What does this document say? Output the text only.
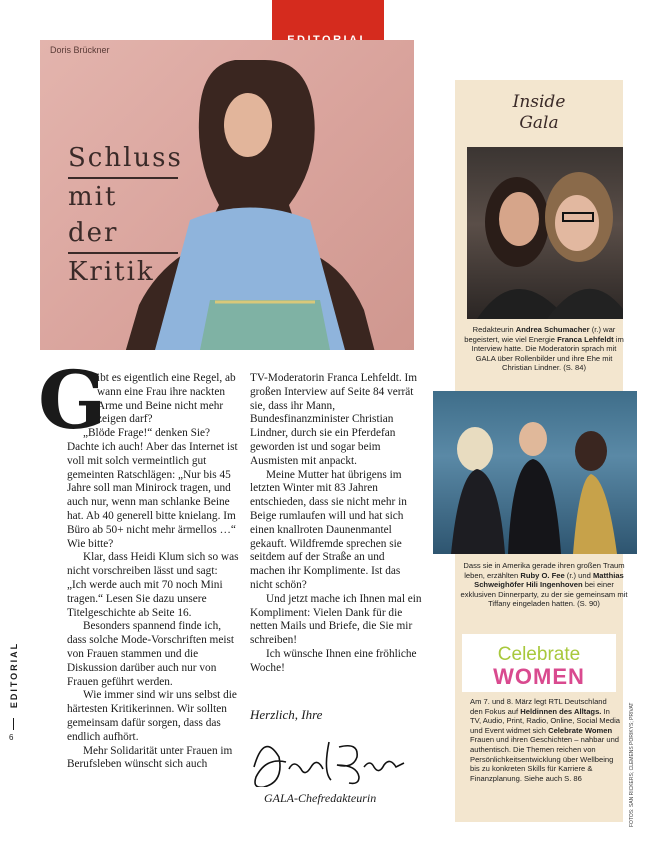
Doris Brückner
Schluss
mit der
Kritik
G

ibt es eigentlich eine Regel, ab wann eine Frau ihre nackten Arme und Beine nicht mehr zeigen darf?

„Blöde Frage!“ denken Sie? Dachte ich auch! Aber das Internet ist voll mit solch vermeintlich gut gemeinten Ratschlägen: „Nur bis 45 Jahre soll man Minirock tragen, und auch nur, wenn man schlanke Beine hat. Ab 40 generell bitte knielang. Im Büro ab 50+ nicht mehr ärmellos …“ Wie bitte?

Klar, dass Heidi Klum sich so was nicht vorschreiben lässt und sagt: „Ich werde auch mit 70 noch Mini tragen.“ Lesen Sie dazu unsere Titelgeschichte ab Seite 16.

Besonders spannend finde ich, dass solche Mode-Vorschriften meist von Frauen stammen und die Diskussion darüber auch nur von Frauen geführt werden.

Wie immer sind wir uns selbst die härtesten Kritikerinnen. Wir sollten gemeinsam dafür sorgen, dass das endlich aufhört.

Mehr Solidarität unter Frauen im Berufsleben wünscht sich auch

TV-Moderatorin Franca Lehfeldt. Im großen Interview auf Seite 84 verrät sie, dass ihr Mann, Bundesfinanzminister Christian Lindner, durch sie ein Pferdefan geworden ist und sogar beim Ausmisten mit anpackt.

Meine Mutter hat übrigens im letzten Winter mit 83 Jahren entschieden, dass sie nicht mehr in Beige rumlaufen will und hat sich einen knallroten Daunenmantel gekauft. Wildfremde sprechen sie seitdem auf der Straße an und machen ihr Komplimente. Ist das nicht schön?

Und jetzt mache ich Ihnen mal ein Kompliment: Vielen Dank für die netten Mails und Briefe, die Sie mir schreiben!

Ich wünsche Ihnen eine fröhliche Woche!

Herzlich, Ihre
GALA-Chefredakteurin
EDITORIAL
6
Inside
Gala
Redakteurin Andrea Schumacher (r.) war begeistert, wie viel Energie Franca Lehfeldt im Interview hatte. Die Moderatorin sprach mit GALA über Rollenbilder und ihre Ehe mit Christian Lindner. (S. 84)
Dass sie in Amerika gerade ihren großen Traum leben, erzählten Ruby O. Fee (r.) und Matthias Schweighöfer Hili Ingenhoven bei einer exklusiven Dinnerparty, zu der sie gemeinsam mit Tiffany eingeladen hatten. (S. 90)
Celebrate
WOMEN
Am 7. und 8. März legt RTL Deutschland den Fokus auf Heldinnen des Alltags. In TV, Audio, Print, Radio, Online, Social Media und Event widmet sich Celebrate Women Frauen und ihren Geschichten – nahbar und authentisch. Die Themen reichen von Persönlichkeitsentwicklung über Wellbeing bis zu konkreten Skills für Karriere & Finanzplanung. Siehe auch S. 86	FOTOS: SAN RICKERS; CLEMENS PORIKYS; PRIVAT
